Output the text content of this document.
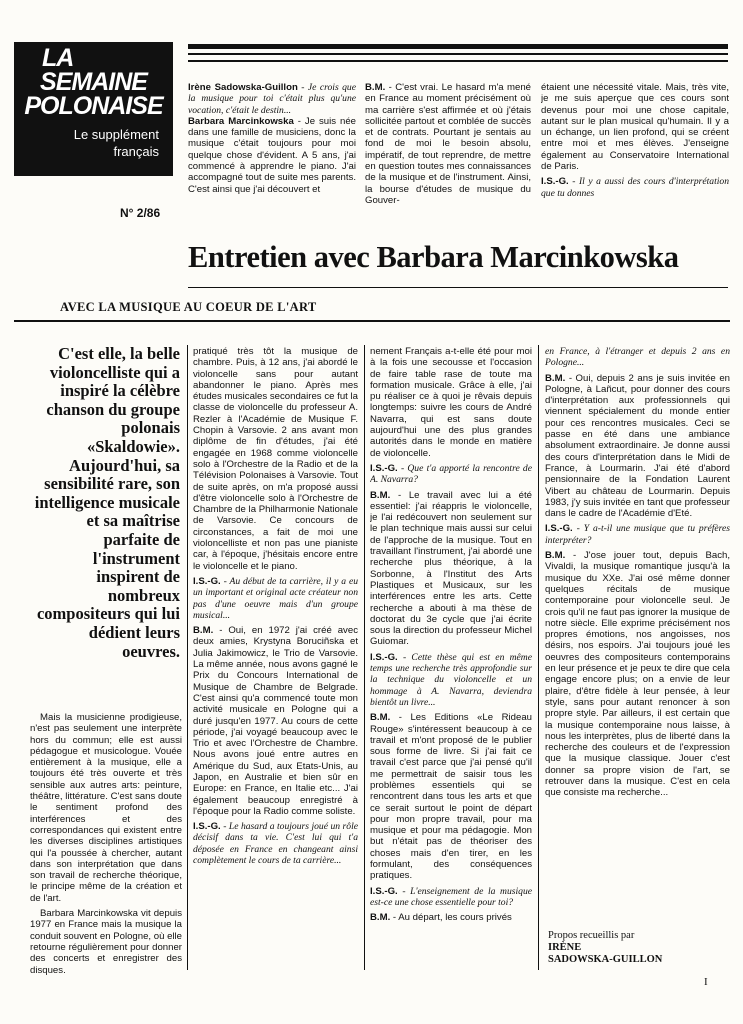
LA
SEMAINE
POLONAISE
Le supplément
français
N° 2/86

Irène Sadowska-Guillon - Je crois que la musique pour toi c'était plus qu'une vocation, c'était le destin...
Barbara Marcinkowska - Je suis née dans une famille de musiciens, donc la musique c'était toujours pour moi quelque chose d'évident. A 5 ans, j'ai commencé à apprendre le piano. J'ai accompagné tout de suite mes parents. C'est ainsi que j'ai découvert et

B.M. - C'est vrai. Le hasard m'a mené en France au moment précisément où ma carrière s'est affirmée et où j'étais sollicitée partout et comblée de succès et de contrats. Pourtant je sentais au fond de moi le besoin absolu, impératif, de tout reprendre, de mettre en question toutes mes connaissances de la musique et de l'instrument. Ainsi, la bourse d'études de musique du Gouver-

étaient une nécessité vitale. Mais, très vite, je me suis aperçue que ces cours sont devenus pour moi une chose capitale, autant sur le plan musical qu'humain. Il y a un échange, un lien profond, qui se créent entre moi et mes élèves. J'enseigne également au Conservatoire International de Paris.

I.S.-G. - Il y a aussi des cours d'interprétation que tu donnes

Entretien avec Barbara Marcinkowska
AVEC LA MUSIQUE AU COEUR DE L'ART
C'est elle, la belle violoncelliste qui a inspiré la célèbre chanson du groupe polonais «Skaldowie». Aujourd'hui, sa sensibilité rare, son intelligence musicale et sa maîtrise parfaite de l'instrument inspirent de nombreux compositeurs qui lui dédient leurs oeuvres.

Mais la musicienne prodigieuse, n'est pas seulement une interprète hors du commun; elle est aussi pédagogue et musicologue. Vouée entièrement à la musique, elle a toujours été très ouverte et très sensible aux autres arts: peinture, théâtre, littérature. C'est sans doute le sentiment profond des interférences et des correspondances qui existent entre les diverses disciplines artistiques qui l'a poussée à chercher, autant dans son interprétation que dans son travail de recherche théorique, le principe même de la création et de l'art.

Barbara Marcinkowska vit depuis 1977 en France mais la musique la conduit souvent en Pologne, où elle retourne régulièrement pour donner des concerts et enregistrer des disques.

pratiqué très tôt la musique de chambre. Puis, à 12 ans, j'ai abordé le violoncelle sans pour autant abandonner le piano. Après mes études musicales secondaires ce fut la classe de violoncelle du professeur A. Rezler à l'Académie de Musique F. Chopin à Varsovie. 2 ans avant mon diplôme de fin d'études, j'ai été engagée en 1968 comme violoncelle solo à l'Orchestre de la Radio et de la Télévision Polonaises à Varsovie. Tout de suite après, on m'a proposé aussi d'être violoncelle solo à l'Orchestre de Chambre de la Philharmonie Nationale de Varsovie. Ce concours de circonstances, a fait de moi une violoncelliste et non pas une pianiste car, à l'époque, j'hésitais encore entre le violoncelle et le piano.

I.S.-G. - Au début de ta carrière, il y a eu un important et original acte créateur non pas d'une oeuvre mais d'un groupe musical...

B.M. - Oui, en 1972 j'ai créé avec deux amies, Krystyna Boruciñska et Julia Jakimowicz, le Trio de Varsovie. La même année, nous avons gagné le Prix du Concours International de Musique de Chambre de Belgrade. C'est ainsi qu'a commencé toute mon activité musicale en Pologne qui a duré jusqu'en 1977. Au cours de cette période, j'ai voyagé beaucoup avec le Trio et avec l'Orchestre de Chambre. Nous avons joué entre autres en Amérique du Sud, aux Etats-Unis, au Japon, en Australie et bien sûr en Europe: en France, en Italie etc... J'ai également beaucoup enregistré à l'époque pour la Radio comme soliste.

I.S.-G. - Le hasard a toujours joué un rôle décisif dans ta vie. C'est lui qui t'a déposée en France en changeant ainsi complètement le cours de ta carrière...

nement Français a-t-elle été pour moi à la fois une secousse et l'occasion de faire table rase de toute ma formation musicale. Grâce à elle, j'ai pu réaliser ce à quoi je rêvais depuis longtemps: suivre les cours de André Navarra, qui est sans doute aujourd'hui une des plus grandes autorités dans le monde en matière de violoncelle.

I.S.-G. - Que t'a apporté la rencontre de A. Navarra?

B.M. - Le travail avec lui a été essentiel: j'ai réappris le violoncelle, je l'ai redécouvert non seulement sur le plan technique mais aussi sur celui de l'approche de la musique. Tout en travaillant l'instrument, j'ai abordé une recherche plus théorique, à la Sorbonne, à l'Institut des Arts Plastiques et Musicaux, sur les interférences entre les arts. Cette recherche a abouti à ma thèse de doctorat du 3e cycle que j'ai écrite sous la direction du professeur Michel Guiomar.

I.S.-G. - Cette thèse qui est en même temps une recherche très approfondie sur la technique du violoncelle et un hommage à A. Navarra, deviendra bientôt un livre...

B.M. - Les Editions «Le Rideau Rouge» s'intéressent beaucoup à ce travail et m'ont proposé de le publier sous forme de livre. Si j'ai fait ce travail c'est parce que j'ai pensé qu'il me permettrait de saisir tous les problèmes essentiels qui se rencontrent dans tous les arts et que ce serait surtout le point de départ pour mon propre travail, pour ma musique et pour ma pédagogie. Mon but n'était pas de théoriser des choses mais d'en tirer, en les formulant, des conséquences pratiques.

I.S.-G. - L'enseignement de la musique est-ce une chose essentielle pour toi?

B.M. - Au départ, les cours privés

en France, à l'étranger et depuis 2 ans en Pologne...

B.M. - Oui, depuis 2 ans je suis invitée en Pologne, à Lañcut, pour donner des cours d'interprétation aux professionnels qui viennent spécialement du monde entier pour ces rencontres musicales. Ceci se passe en été dans une ambiance absolument extraordinaire. Je donne aussi des cours d'interprétation dans le Midi de France, à Lourmarin. J'ai été d'abord pensionnaire de la Fondation Laurent Vibert au château de Lourmarin. Depuis 1983, j'y suis invitée en tant que professeur dans le cadre de l'Académie d'Eté.

I.S.-G. - Y a-t-il une musique que tu préfères interpréter?

B.M. - J'ose jouer tout, depuis Bach, Vivaldi, la musique romantique jusqu'à la musique du XXe. J'ai osé même donner quelques récitals de musique contemporaine pour violoncelle seul. Je crois qu'il ne faut pas ignorer la musique de notre siècle. Elle exprime précisément nos propres émotions, nos angoisses, nos désirs, nos espoirs. J'ai toujours joué les oeuvres des compositeurs contemporains en leur présence et je peux te dire que cela engage encore plus; on a envie de leur plaire, d'être fidèle à leur pensée, à leur style, sans pour autant renoncer à son propre style. Par ailleurs, il est certain que la musique contemporaine nous laisse, à nous les interprètes, plus de liberté dans la recherche des couleurs et de l'expression que la musique classique. Jouer c'est donner sa propre vision de l'art, se retrouver dans la musique. C'est en cela que consiste ma recherche...

Propos recueillis par
IRÈNE
SADOWSKA-GUILLON
I
